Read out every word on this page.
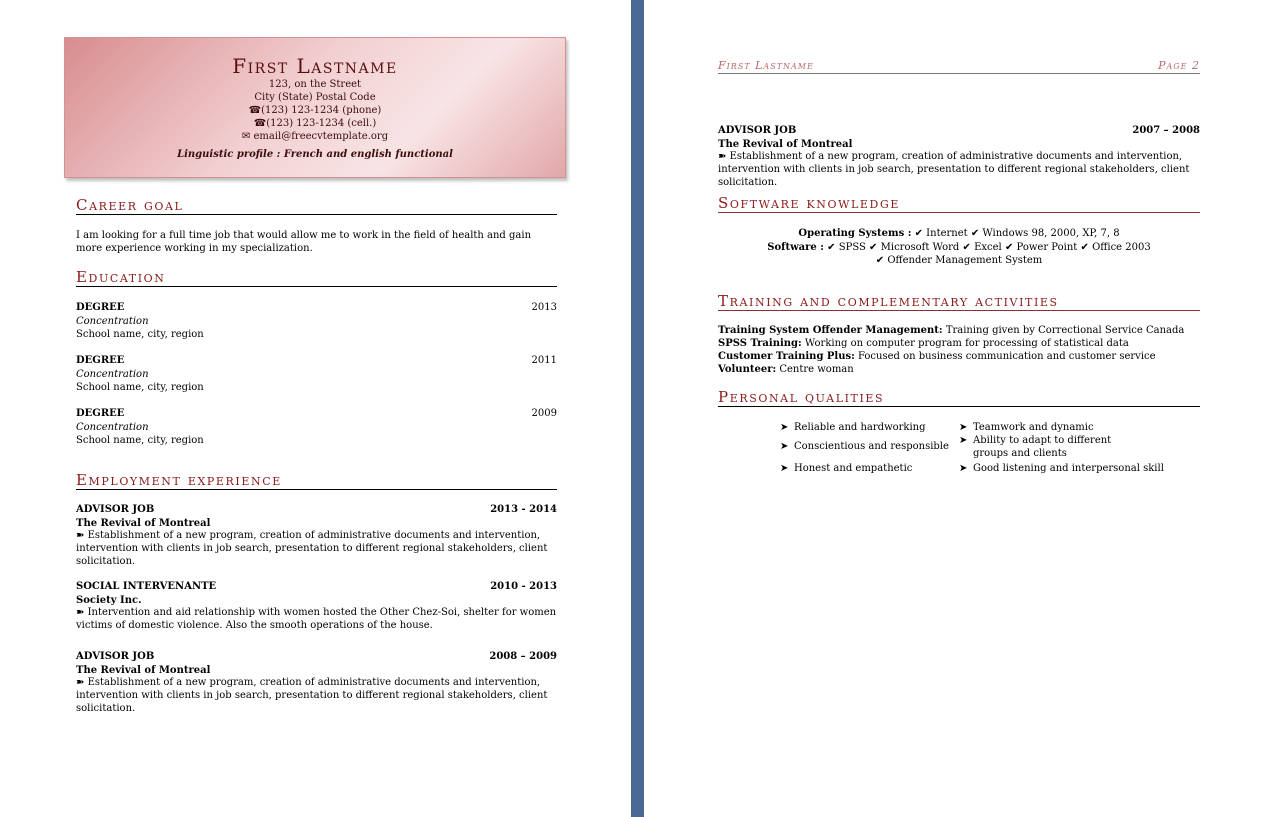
First Lastname
123, on the Street
City (State) Postal Code
☎(123) 123-1234 (phone)
☎(123) 123-1234 (cell.)
✉ email@freecvtemplate.org
Linguistic profile : French and english functional
Career goal
I am looking for a full time job that would allow me to work in the field of health and gain more experience working in my specialization.
Education
DEGREE	2013
Concentration
School name, city, region
DEGREE	2011
Concentration
School name, city, region
DEGREE	2009
Concentration
School name, city, region
Employment experience
ADVISOR JOB	2013 - 2014
The Revival of Montreal
➽ Establishment of a new program, creation of administrative documents and intervention, intervention with clients in job search, presentation to different regional stakeholders, client solicitation.
SOCIAL INTERVENANTE	2010 - 2013
Society Inc.
➽ Intervention and aid relationship with women hosted the Other Chez-Soi, shelter for women victims of domestic violence. Also the smooth operations of the house.
ADVISOR JOB	2008 – 2009
The Revival of Montreal
➽ Establishment of a new program, creation of administrative documents and intervention, intervention with clients in job search, presentation to different regional stakeholders, client solicitation.
First Lastname	Page 2
ADVISOR JOB	2007 – 2008
The Revival of Montreal
➽ Establishment of a new program, creation of administrative documents and intervention, intervention with clients in job search, presentation to different regional stakeholders, client solicitation.
Software knowledge
Operating Systems : ✔ Internet ✔ Windows 98, 2000, XP, 7, 8
Software : ✔ SPSS ✔ Microsoft Word ✔ Excel ✔ Power Point ✔ Office 2003
✔ Offender Management System
Training and complementary activities
Training System Offender Management: Training given by Correctional Service Canada
SPSS Training: Working on computer program for processing of statistical data
Customer Training Plus: Focused on business communication and customer service
Volunteer: Centre woman
Personal qualities
➤ Reliable and hardworking
➤ Conscientious and responsible
➤ Honest and empathetic
➤ Teamwork and dynamic
➤ Ability to adapt to different groups and clients
➤ Good listening and interpersonal skill
